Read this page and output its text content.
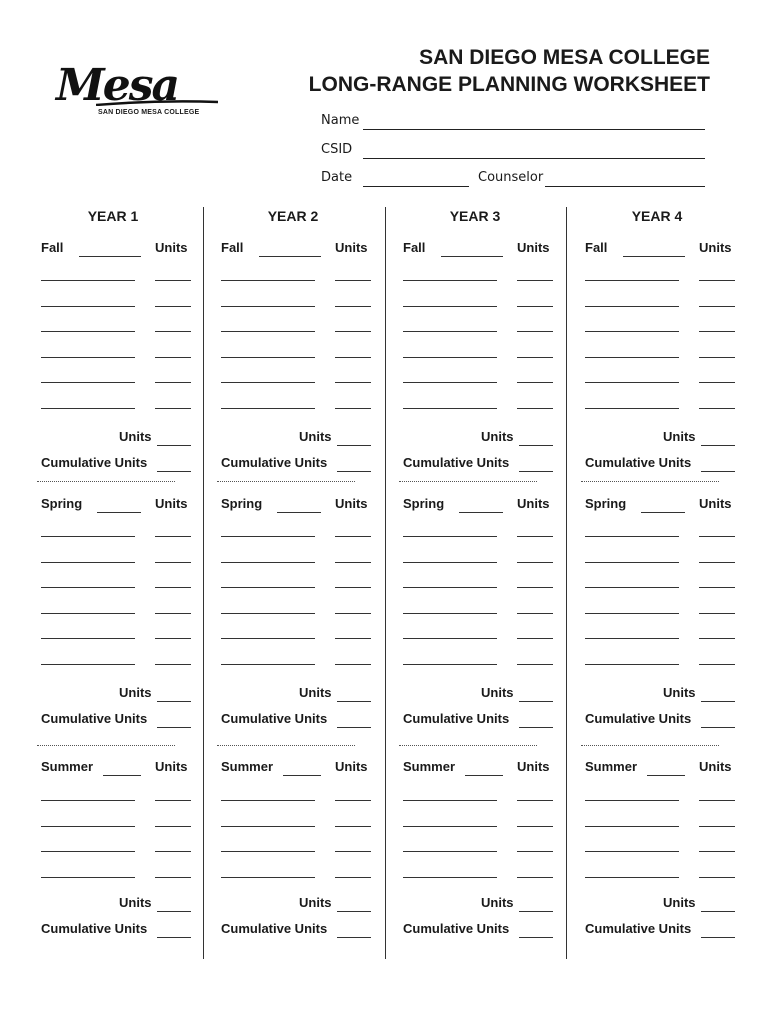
Mesa
SAN DIEGO MESA COLLEGE
SAN DIEGO MESA COLLEGE
LONG-RANGE PLANNING WORKSHEET
Name
CSID
Date	Counselor
YEAR 1
Fall	Units
Units
Cumulative Units
Spring	Units
Units
Cumulative Units
Summer	Units
Units
Cumulative Units
YEAR 2
Fall	Units
Units
Cumulative Units
Spring	Units
Units
Cumulative Units
Summer	Units
Units
Cumulative Units
YEAR 3
Fall	Units
Units
Cumulative Units
Spring	Units
Units
Cumulative Units
Summer	Units
Units
Cumulative Units
YEAR 4
Fall	Units
Units
Cumulative Units
Spring	Units
Units
Cumulative Units
Summer	Units
Units
Cumulative Units
